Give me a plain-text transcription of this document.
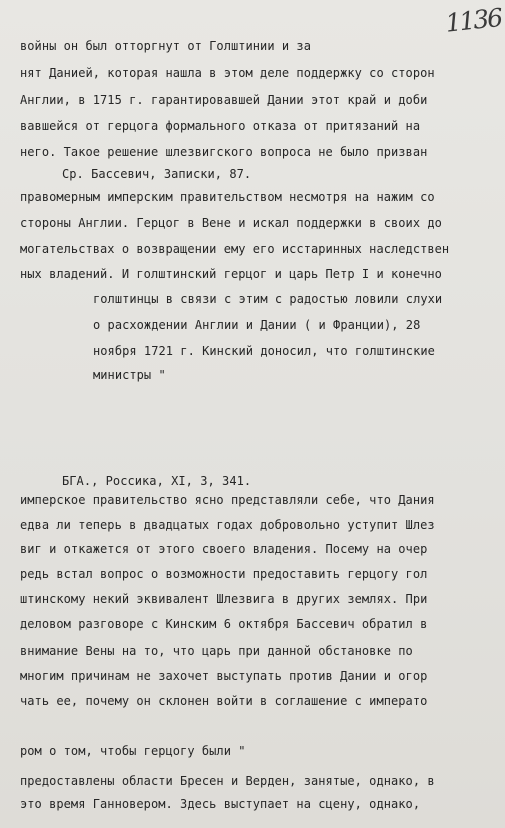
1136
войны он был отторгнут от Голштинии и за
нят Данией, которая нашла в этом деле поддержку со сторон
Англии, в 1715 г. гарантировавшей Дании этот край и доби
вавшейся от герцога формального отказа от притязаний на
него. Такое решение шлезвигского вопроса не было призван
Ср. Бассевич, Записки, 87.
правомерным имперским правительством несмотря на нажим со
стороны Англии. Герцог в Вене и искал поддержки в своих до
могательствах о возвращении ему его исстаринных наследствен
ных владений. И голштинский герцог и царь Петр I и конечно
голштинцы в связи с этим с радостью ловили слухи
о расхождении Англии и Дании ( и Франции), 28
ноября 1721 г. Кинский доносил, что голштинские
министры "
БГА., Россика, XI, 3, 341.
имперское правительство ясно представляли себе, что Дания
едва ли теперь в двадцатых годах добровольно уступит Шлез
виг и откажется от этого своего владения. Посему на очер
редь встал вопрос о возможности предоставить герцогу гол
штинскому некий эквивалент Шлезвига в других землях. При
деловом разговоре с Кинским 6 октября Бассевич обратил в
внимание Вены на то, что царь при данной обстановке по
многим причинам не захочет выступать против Дании и огор
чать ее, почему он склонен войти в соглашение с императо
ром о том, чтобы герцогу были "
предоставлены области Бресен и Верден, занятые, однако, в
это время Ганновером. Здесь выступает на сцену, однако,
